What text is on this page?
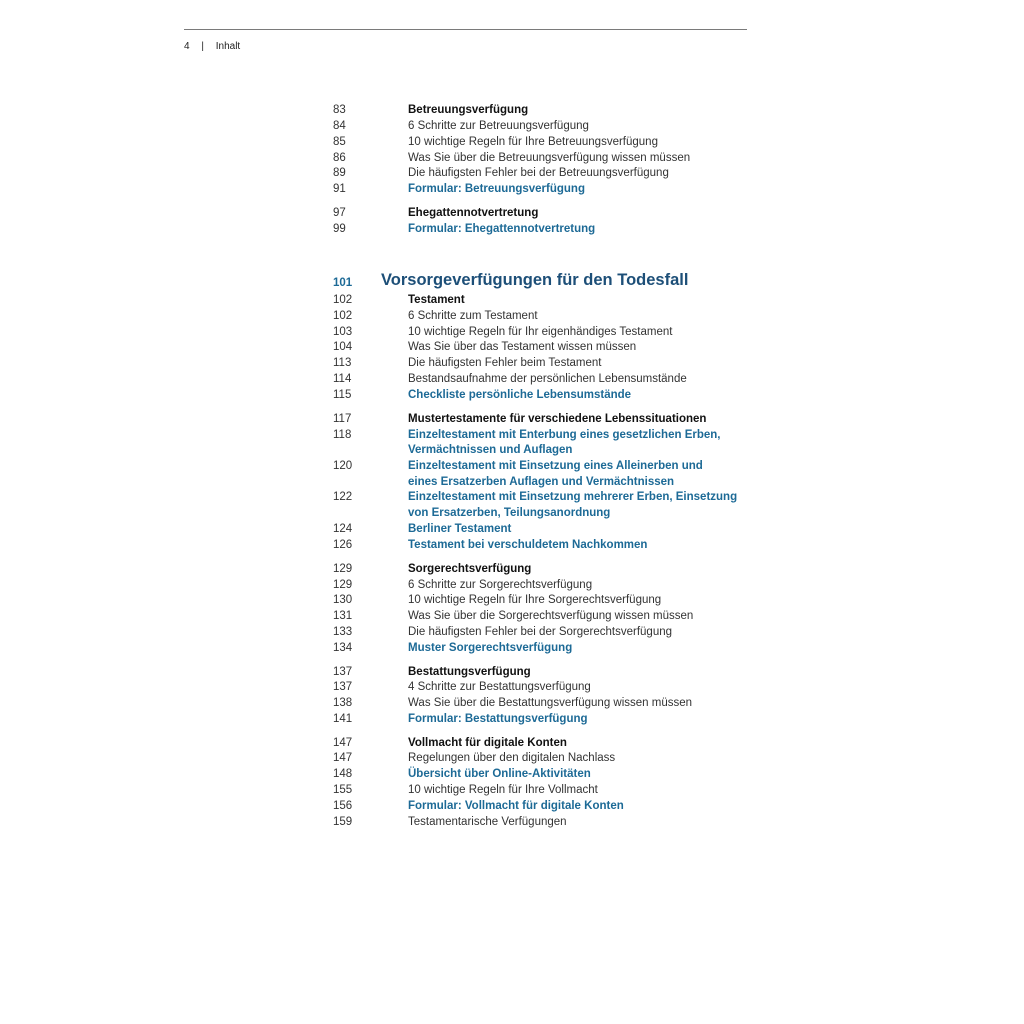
4 | Inhalt
83	Betreuungsverfügung
84	6 Schritte zur Betreuungsverfügung
85	10 wichtige Regeln für Ihre Betreuungsverfügung
86	Was Sie über die Betreuungsverfügung wissen müssen
89	Die häufigsten Fehler bei der Betreuungsverfügung
91	Formular: Betreuungsverfügung
97	Ehegattennotvertretung
99	Formular: Ehegattennotvertretung
101	Vorsorgeverfügungen für den Todesfall
102	Testament
102	6 Schritte zum Testament
103	10 wichtige Regeln für Ihr eigenhändiges Testament
104	Was Sie über das Testament wissen müssen
113	Die häufigsten Fehler beim Testament
114	Bestandsaufnahme der persönlichen Lebensumstände
115	Checkliste persönliche Lebensumstände
117	Mustertestamente für verschiedene Lebenssituationen
118	Einzeltestament mit Enterbung eines gesetzlichen Erben,
Vermächtnissen und Auflagen
120	Einzeltestament mit Einsetzung eines Alleinerben und
eines Ersatzerben Auflagen und Vermächtnissen
122	Einzeltestament mit Einsetzung mehrerer Erben, Einsetzung
von Ersatzerben, Teilungsanordnung
124	Berliner Testament
126	Testament bei verschuldetem Nachkommen
129	Sorgerechtsverfügung
129	6 Schritte zur Sorgerechtsverfügung
130	10 wichtige Regeln für Ihre Sorgerechtsverfügung
131	Was Sie über die Sorgerechtsverfügung wissen müssen
133	Die häufigsten Fehler bei der Sorgerechtsverfügung
134	Muster Sorgerechtsverfügung
137	Bestattungsverfügung
137	4 Schritte zur Bestattungsverfügung
138	Was Sie über die Bestattungsverfügung wissen müssen
141	Formular: Bestattungsverfügung
147	Vollmacht für digitale Konten
147	Regelungen über den digitalen Nachlass
148	Übersicht über Online-Aktivitäten
155	10 wichtige Regeln für Ihre Vollmacht
156	Formular: Vollmacht für digitale Konten
159	Testamentarische Verfügungen
